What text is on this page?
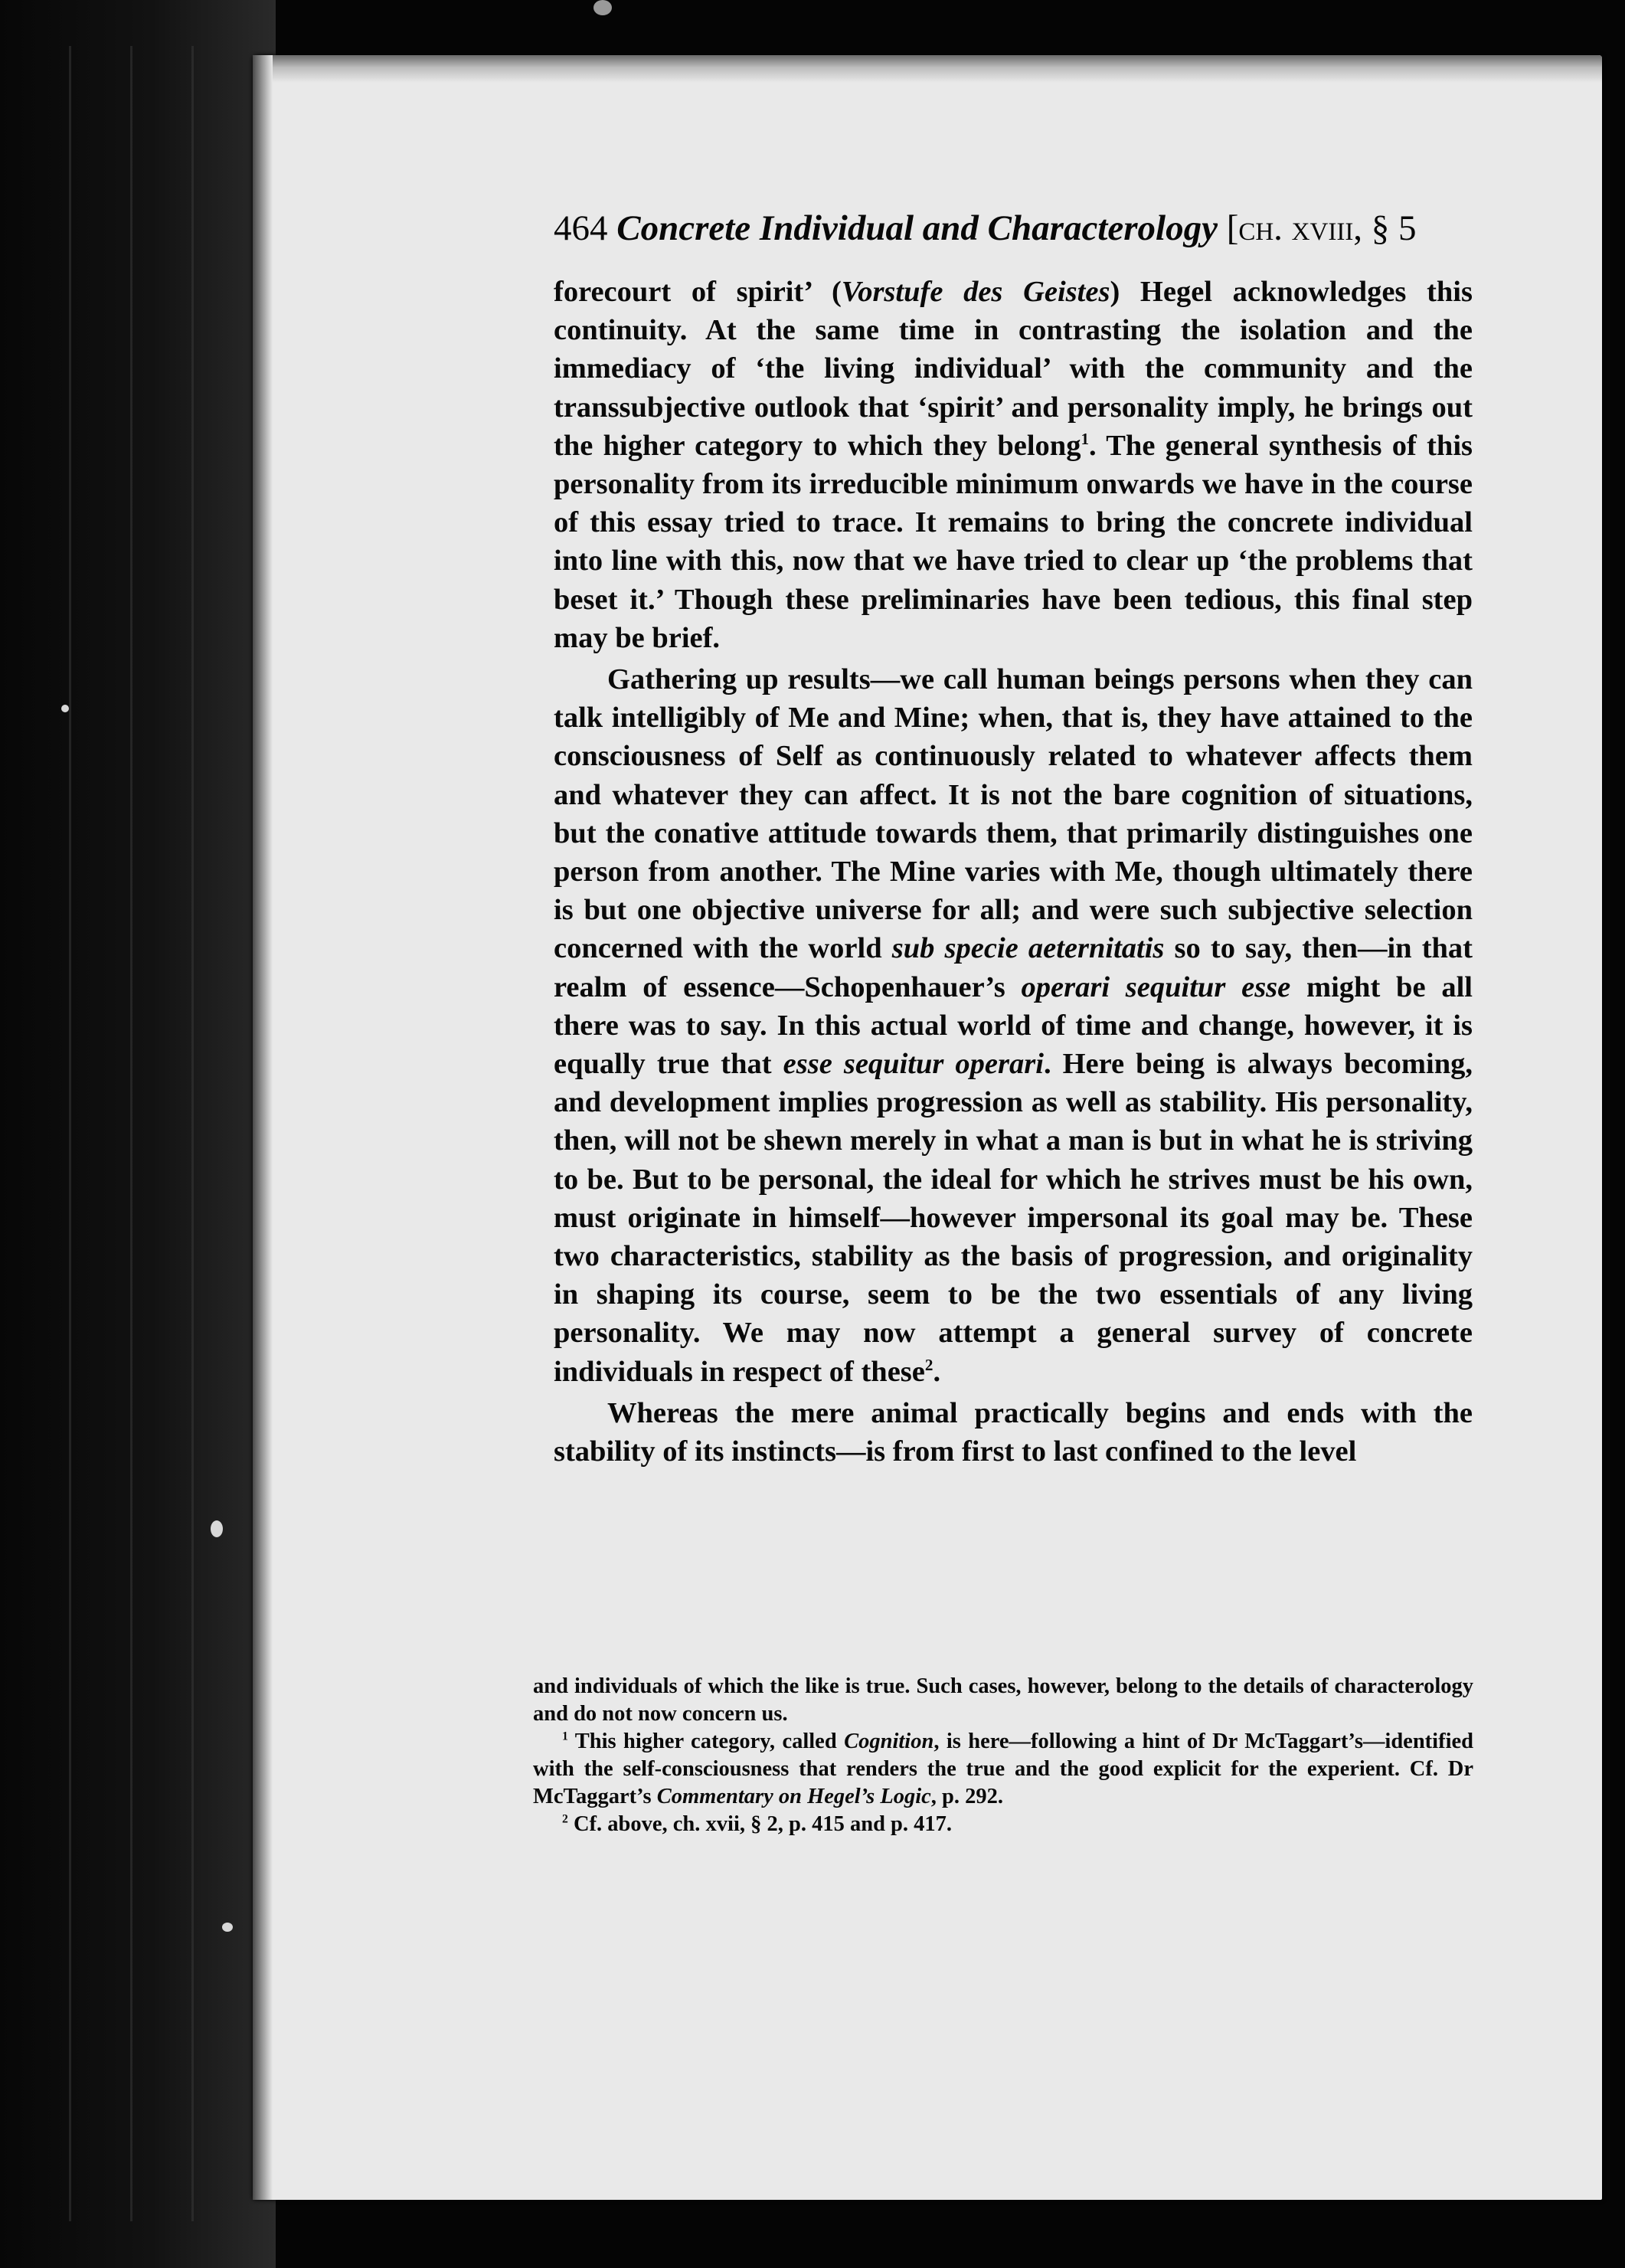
464 Concrete Individual and Characterology [ch. xviii, § 5

forecourt of spirit’ (Vorstufe des Geistes) Hegel acknowledges this continuity. At the same time in contrasting the isolation and the immediacy of ‘the living individual’ with the community and the transsubjective outlook that ‘spirit’ and personality imply, he brings out the higher category to which they belong$^1$. The general synthesis of this personality from its irreducible minimum onwards we have in the course of this essay tried to trace. It remains to bring the concrete individual into line with this, now that we have tried to clear up ‘the problems that beset it.’ Though these preliminaries have been tedious, this final step may be brief.

Gathering up results—we call human beings persons when they can talk intelligibly of Me and Mine; when, that is, they have attained to the consciousness of Self as continuously related to whatever affects them and whatever they can affect. It is not the bare cognition of situations, but the conative attitude towards them, that primarily distinguishes one person from another. The Mine varies with Me, though ultimately there is but one objective universe for all; and were such subjective selection concerned with the world sub specie aeternitatis so to say, then—in that realm of essence—Schopenhauer’s operari sequitur esse might be all there was to say. In this actual world of time and change, however, it is equally true that esse sequitur operari. Here being is always becoming, and development implies progression as well as stability. His personality, then, will not be shewn merely in what a man is but in what he is striving to be. But to be personal, the ideal for which he strives must be his own, must originate in himself—however impersonal its goal may be. These two characteristics, stability as the basis of progression, and originality in shaping its course, seem to be the two essentials of any living personality. We may now attempt a general survey of concrete individuals in respect of these$^2$.

Whereas the mere animal practically begins and ends with the stability of its instincts—is from first to last confined to the level

and individuals of which the like is true. Such cases, however, belong to the details of characterology and do not now concern us.

$^1$ This higher category, called Cognition, is here—following a hint of Dr McTaggart’s—identified with the self-consciousness that renders the true and the good explicit for the experient. Cf. Dr McTaggart’s Commentary on Hegel’s Logic, p. 292.

$^2$ Cf. above, ch. xvii, § 2, p. 415 and p. 417.
